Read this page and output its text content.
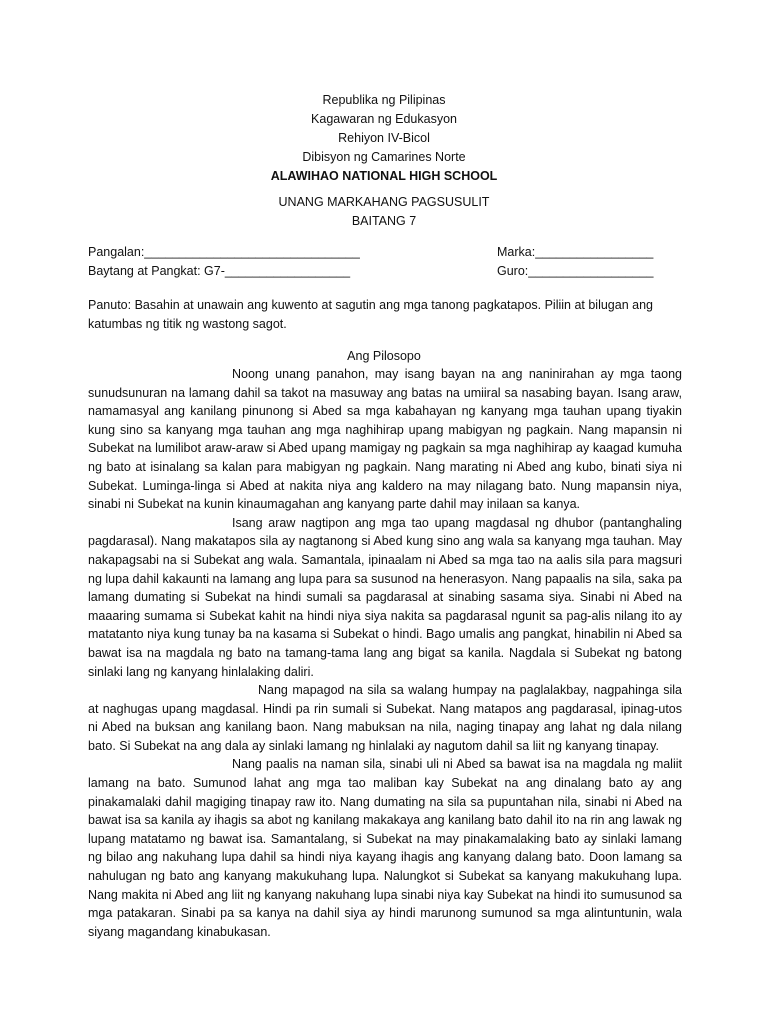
Republika ng Pilipinas
Kagawaran ng Edukasyon
Rehiyon IV-Bicol
Dibisyon ng Camarines Norte
ALAWIHAO NATIONAL HIGH SCHOOL
UNANG MARKAHANG PAGSUSULIT
BAITANG 7
Pangalan:_______________________________	Marka:_________________
Baytang at Pangkat: G7-__________________	Guro:__________________
Panuto: Basahin at unawain ang kuwento at sagutin ang mga tanong pagkatapos. Piliin at bilugan ang katumbas ng titik ng wastong sagot.
Ang Pilosopo

Noong unang panahon, may isang bayan na ang naninirahan ay mga taong sunudsunuran na lamang dahil sa takot na masuway ang batas na umiiral sa nasabing bayan. Isang araw, namamasyal ang kanilang pinunong si Abed sa mga kabahayan ng kanyang mga tauhan upang tiyakin kung sino sa kanyang mga tauhan ang mga naghihirap upang mabigyan ng pagkain. Nang mapansin ni Subekat na lumilibot araw-araw si Abed upang mamigay ng pagkain sa mga naghihirap ay kaagad kumuha ng bato at isinalang sa kalan para mabigyan ng pagkain. Nang marating ni Abed ang kubo, binati siya ni Subekat. Luminga-linga si Abed at nakita niya ang kaldero na may nilagang bato. Nung mapansin niya, sinabi ni Subekat na kunin kinaumagahan ang kanyang parte dahil may inilaan sa kanya.

Isang araw nagtipon ang mga tao upang magdasal ng dhubor (pantanghaling pagdarasal). Nang makatapos sila ay nagtanong si Abed kung sino ang wala sa kanyang mga tauhan. May nakapagsabi na si Subekat ang wala. Samantala, ipinaalam ni Abed sa mga tao na aalis sila para magsuri ng lupa dahil kakaunti na lamang ang lupa para sa susunod na henerasyon. Nang papaalis na sila, saka pa lamang dumating si Subekat na hindi sumali sa pagdarasal at sinabing sasama siya. Sinabi ni Abed na maaaring sumama si Subekat kahit na hindi niya siya nakita sa pagdarasal ngunit sa pag-alis nilang ito ay matatanto niya kung tunay ba na kasama si Subekat o hindi. Bago umalis ang pangkat, hinabilin ni Abed sa bawat isa na magdala ng bato na tamang-tama lang ang bigat sa kanila. Nagdala si Subekat ng batong sinlaki lang ng kanyang hinlalaking daliri.

Nang mapagod na sila sa walang humpay na paglalakbay, nagpahinga sila at naghugas upang magdasal. Hindi pa rin sumali si Subekat. Nang matapos ang pagdarasal, ipinag-utos ni Abed na buksan ang kanilang baon. Nang mabuksan na nila, naging tinapay ang lahat ng dala nilang bato. Si Subekat na ang dala ay sinlaki lamang ng hinlalaki ay nagutom dahil sa liit ng kanyang tinapay.

Nang paalis na naman sila, sinabi uli ni Abed sa bawat isa na magdala ng maliit lamang na bato. Sumunod lahat ang mga tao maliban kay Subekat na ang dinalang bato ay ang pinakamalaki dahil magiging tinapay raw ito. Nang dumating na sila sa pupuntahan nila, sinabi ni Abed na bawat isa sa kanila ay ihagis sa abot ng kanilang makakaya ang kanilang bato dahil ito na rin ang lawak ng lupang matatamo ng bawat isa. Samantalang, si Subekat na may pinakamalaking bato ay sinlaki lamang ng bilao ang nakuhang lupa dahil sa hindi niya kayang ihagis ang kanyang dalang bato. Doon lamang sa nahulugan ng bato ang kanyang makukuhang lupa. Nalungkot si Subekat sa kanyang makukuhang lupa. Nang makita ni Abed ang liit ng kanyang nakuhang lupa sinabi niya kay Subekat na hindi ito sumusunod sa mga patakaran. Sinabi pa sa kanya na dahil siya ay hindi marunong sumunod sa mga alintuntunin, wala siyang magandang kinabukasan.
